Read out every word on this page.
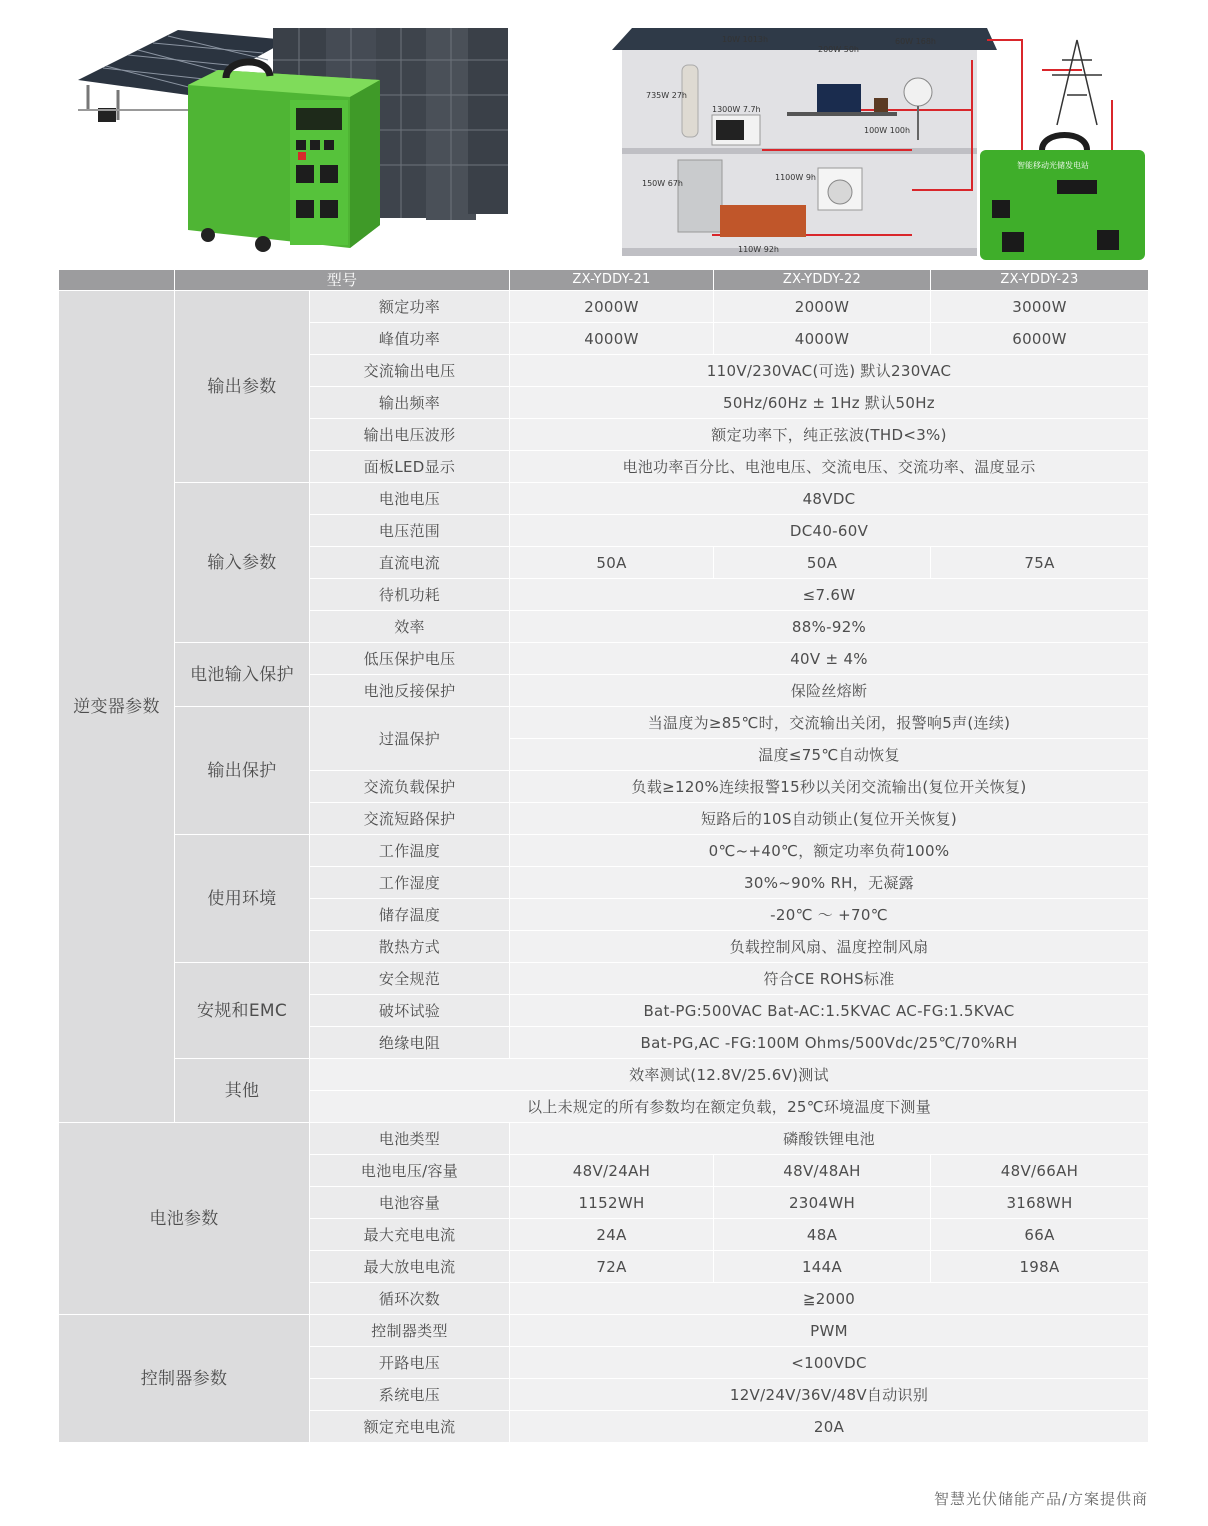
10W 1013h
200W 50h
60W 168h
735W 27h
1300W 7.7h
100W 100h
150W 67h
1100W 9h
110W 92h
智能移动光储发电站
	型号		ZX-YDDY-21	ZX-YDDY-22	ZX-YDDY-23
逆变器参数	输出参数	额定功率	2000W	2000W	3000W
		峰值功率	4000W	4000W	6000W
		交流输出电压	110V/230VAC(可选) 默认230VAC		
		输出频率	50Hz/60Hz ± 1Hz 默认50Hz		
		输出电压波形	额定功率下，纯正弦波(THD<3%)		
		面板LED显示	电池功率百分比、电池电压、交流电压、交流功率、温度显示		
	输入参数	电池电压	48VDC		
		电压范围	DC40-60V		
		直流电流	50A	50A	75A
		待机功耗	≤7.6W		
		效率	88%-92%		
	电池输入保护	低压保护电压	40V ± 4%		
		电池反接保护	保险丝熔断		
	输出保护	过温保护	当温度为≥85℃时，交流输出关闭，报警响5声(连续)		
			温度≤75℃自动恢复		
		交流负载保护	负载≥120%连续报警15秒以关闭交流输出(复位开关恢复)		
		交流短路保护	短路后的10S自动锁止(复位开关恢复)		
	使用环境	工作温度	0℃~+40℃，额定功率负荷100%		
		工作湿度	30%~90% RH，无凝露		
		储存温度	-20℃ ～ +70℃		
		散热方式	负载控制风扇、温度控制风扇		
	安规和EMC	安全规范	符合CE ROHS标准		
		破坏试验	Bat-PG:500VAC Bat-AC:1.5KVAC AC-FG:1.5KVAC		
		绝缘电阻	Bat-PG,AC -FG:100M Ohms/500Vdc/25℃/70%RH		
	其他	效率测试(12.8V/25.6V)测试			
		以上未规定的所有参数均在额定负载，25℃环境温度下测量			
电池参数		电池类型	磷酸铁锂电池		
		电池电压/容量	48V/24AH	48V/48AH	48V/66AH
		电池容量	1152WH	2304WH	3168WH
		最大充电电流	24A	48A	66A
		最大放电电流	72A	144A	198A
		循环次数	≧2000		
控制器参数		控制器类型	PWM		
		开路电压	<100VDC		
		系统电压	12V/24V/36V/48V自动识别		
		额定充电电流	20A		
智慧光伏储能产品/方案提供商
